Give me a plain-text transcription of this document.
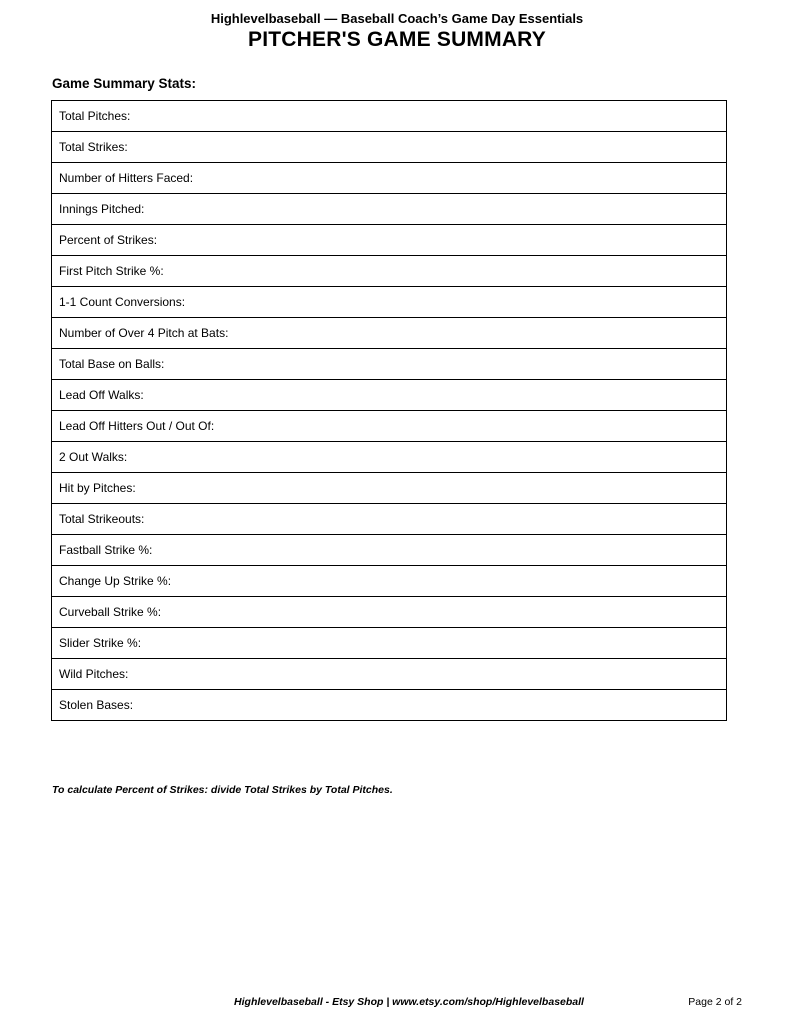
Highlevelbaseball — Baseball Coach’s Game Day Essentials
PITCHER'S GAME SUMMARY
Game Summary Stats:
Total Pitches:
Total Strikes:
Number of Hitters Faced:
Innings Pitched:
Percent of Strikes:
First Pitch Strike %:
1-1 Count Conversions:
Number of Over 4 Pitch at Bats:
Total Base on Balls:
Lead Off Walks:
Lead Off Hitters Out / Out Of:
2 Out Walks:
Hit by Pitches:
Total Strikeouts:
Fastball Strike %:
Change Up Strike %:
Curveball Strike %:
Slider Strike %:
Wild Pitches:
Stolen Bases:
To calculate Percent of Strikes: divide Total Strikes by Total Pitches.
Highlevelbaseball - Etsy Shop | www.etsy.com/shop/Highlevelbaseball	Page 2 of 2
